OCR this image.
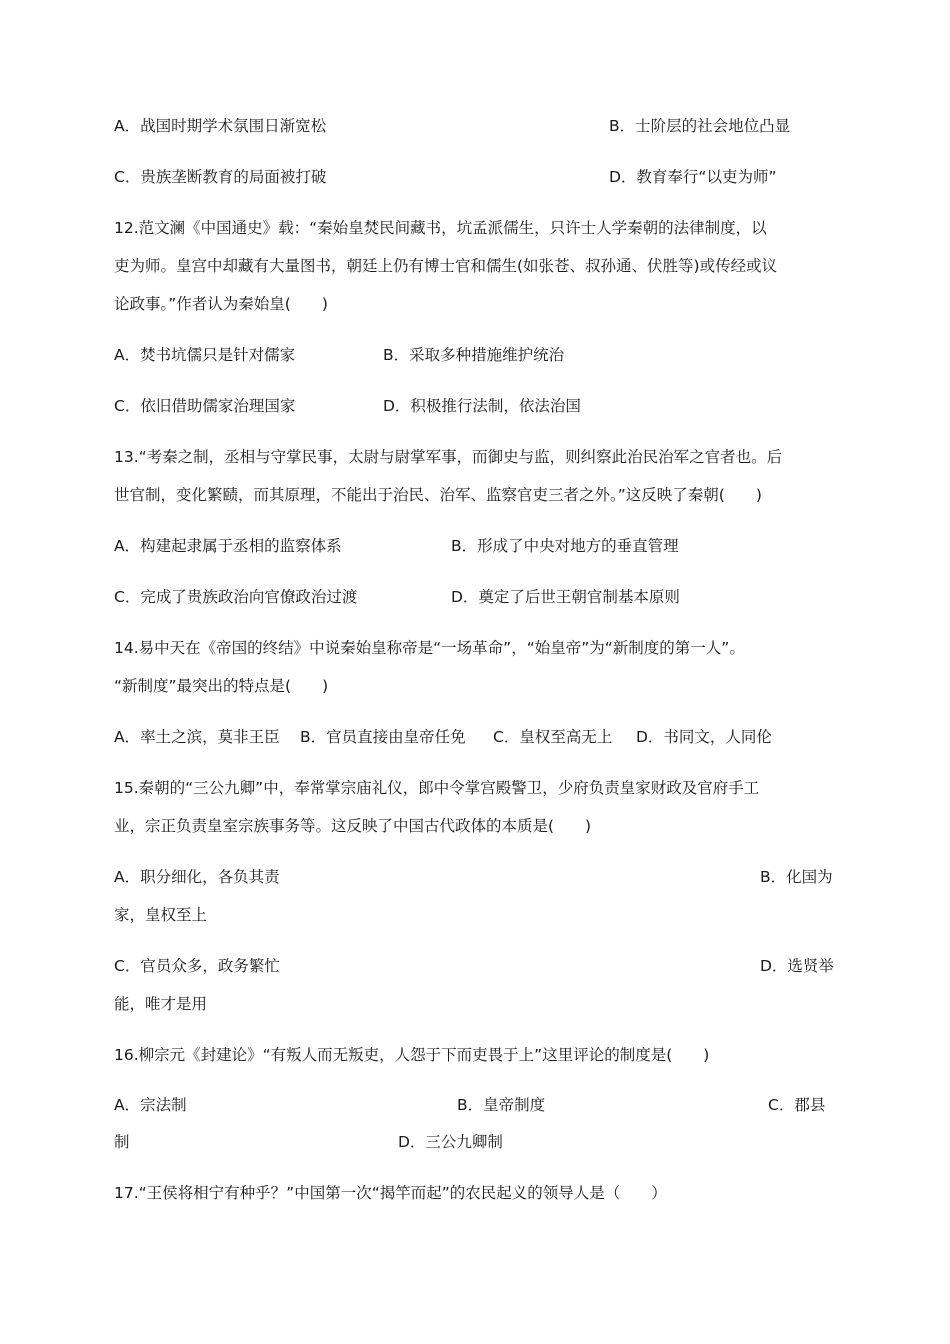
A．战国时期学术氛围日渐宽松	B．士阶层的社会地位凸显
C．贵族垄断教育的局面被打破	D．教育奉行“以吏为师”
12.范文澜《中国通史》载：“秦始皇焚民间藏书，坑孟派儒生，只许士人学秦朝的法律制度，以
吏为师。皇宫中却藏有大量图书，朝廷上仍有博士官和儒生(如张苍、叔孙通、伏胜等)或传经或议
论政事。”作者认为秦始皇(　　)
A．焚书坑儒只是针对儒家	B．采取多种措施维护统治
C．依旧借助儒家治理国家	D．积极推行法制，依法治国
13.“考秦之制，丞相与守掌民事，太尉与尉掌军事，而御史与监，则纠察此治民治军之官者也。后
世官制，变化繁赜，而其原理，不能出于治民、治军、监察官吏三者之外。”这反映了秦朝(　　)
A．构建起隶属于丞相的监察体系	B．形成了中央对地方的垂直管理
C．完成了贵族政治向官僚政治过渡	D．奠定了后世王朝官制基本原则
14.易中天在《帝国的终结》中说秦始皇称帝是“一场革命”，“始皇帝”为“新制度的第一人”。
“新制度”最突出的特点是(　　)
A．率土之滨，莫非王臣 B．官员直接由皇帝任免 C．皇权至高无上 D．书同文，人同伦
15.秦朝的“三公九卿”中，奉常掌宗庙礼仪，郎中令掌宫殿警卫，少府负责皇家财政及官府手工
业，宗正负责皇室宗族事务等。这反映了中国古代政体的本质是(　　)
A．职分细化，各负其责	B．化国为
家，皇权至上
C．官员众多，政务繁忙	D．选贤举
能，唯才是用
16.柳宗元《封建论》“有叛人而无叛吏，人怨于下而吏畏于上”这里评论的制度是(　　)
A．宗法制	B．皇帝制度	C．郡县
制	D．三公九卿制
17.“王侯将相宁有种乎？”中国第一次“揭竿而起”的农民起义的领导人是（　　）
